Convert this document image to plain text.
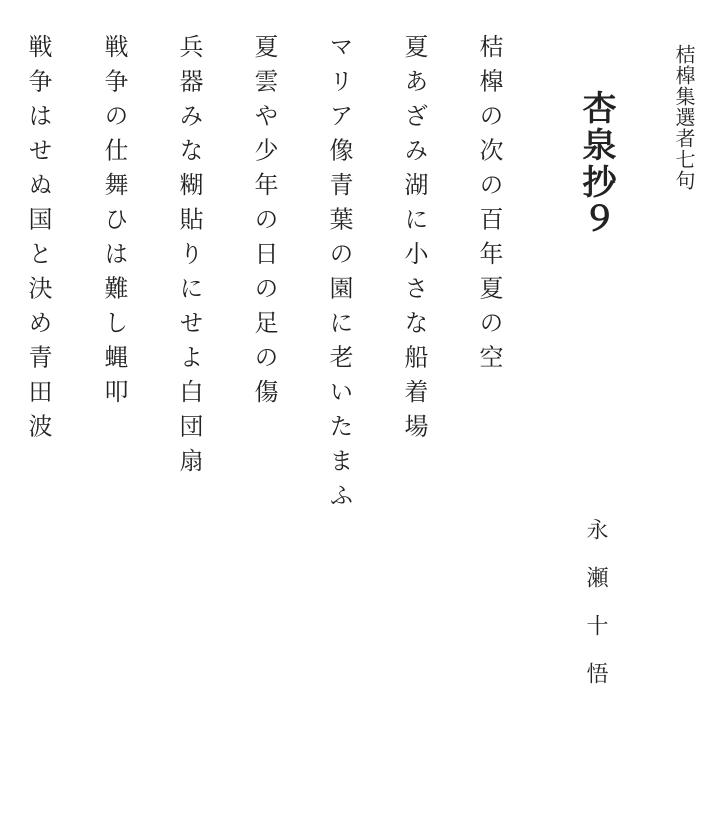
桔槹集選者七句
杏泉抄９
永瀬十悟
桔槹の次の百年夏の空
夏あざみ湖に小さな船着場
マリア像青葉の園に老いたまふ
夏雲や少年の日の足の傷
兵器みな糊貼りにせよ白団扇
戦争の仕舞ひは難し蝿叩
戦争はせぬ国と決め青田波
